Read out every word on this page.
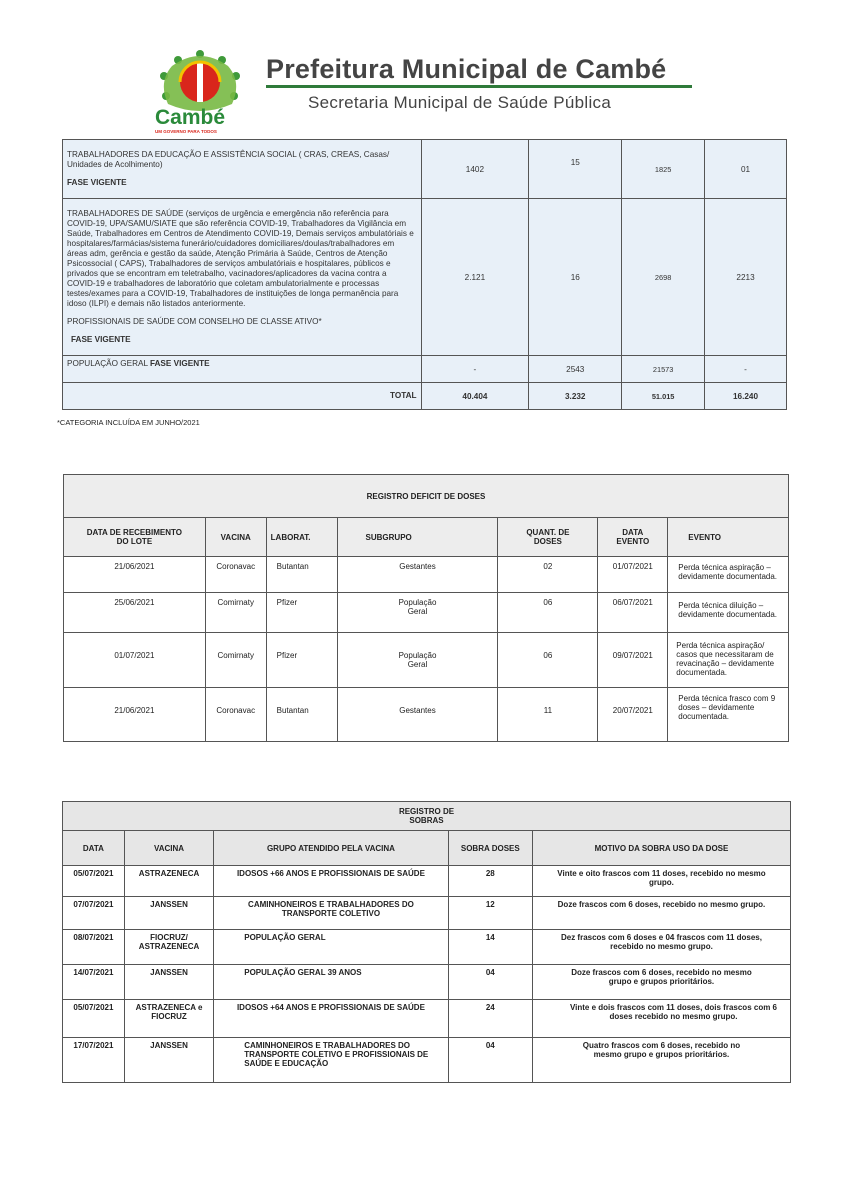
Cambé
UM GOVERNO PARA TODOS
Prefeitura Municipal de Cambé
Secretaria Municipal de Saúde Pública
TRABALHADORES DA EDUCAÇÃO E ASSISTÊNCIA SOCIAL ( CRAS, CREAS, Casas/ Unidades de Acolhimento)
FASE VIGENTE	1402	15	1825	01

TRABALHADORES DE SAÚDE (serviços de urgência e emergência não referência para COVID-19, UPA/SAMU/SIATE que são referência COVID-19, Trabalhadores da Vigilância em Saúde, Trabalhadores em Centros de Atendimento COVID-19, Demais serviços ambulatóriais e hospitalares/farmácias/sistema funerário/cuidadores domiciliares/doulas/trabalhadores em áreas adm, gerência e gestão da saúde, Atenção Primária à Saúde, Centros de Atenção Psicossocial ( CAPS), Trabalhadores de serviços ambulatóriais e hospitalares, públicos e privados que se encontram em teletrabalho, vacinadores/aplicadores da vacina contra a COVID-19 e trabalhadores de laboratório que coletam ambulatorialmente e processas testes/exames para a COVID-19, Trabalhadores de instituições de longa permanência para idoso (ILPI) e demais não listados anteriormente.
PROFISSIONAIS DE SAÚDE COM CONSELHO DE CLASSE ATIVO*
FASE VIGENTE	2.121	16	2698	2213
POPULAÇÃO GERAL FASE VIGENTE	-	2543	21573	-
TOTAL	40.404	3.232	51.015	16.240
*CATEGORIA INCLUÍDA EM JUNHO/2021
REGISTRO DEFICIT DE DOSES						
DATA DE RECEBIMENTO DO LOTE	VACINA	LABORAT.	SUBGRUPO	QUANT. DE DOSES	DATA EVENTO	EVENTO
21/06/2021	Coronavac	Butantan	Gestantes	02	01/07/2021	Perda técnica aspiração – devidamente documentada.
25/06/2021	Comirnaty	Pfizer	População Geral	06	06/07/2021	Perda técnica diluição – devidamente documentada.
01/07/2021	Comirnaty	Pfizer	População Geral	06	09/07/2021	Perda técnica aspiração/ casos que necessitaram de revacinação – devidamente documentada.
21/06/2021	Coronavac	Butantan	Gestantes	11	20/07/2021	Perda técnica frasco com 9 doses – devidamente documentada.
REGISTRO DE SOBRAS				

DATA	VACINA	GRUPO ATENDIDO PELA VACINA	SOBRA DOSES	MOTIVO DA SOBRA USO DA DOSE
05/07/2021	ASTRAZENECA	IDOSOS +66 ANOS E PROFISSIONAIS DE SAÚDE	28	Vinte e oito frascos com 11 doses, recebido no mesmo grupo.
07/07/2021	JANSSEN	CAMINHONEIROS E TRABALHADORES DO TRANSPORTE COLETIVO	12	Doze frascos com 6 doses, recebido no mesmo grupo.
08/07/2021	FIOCRUZ/ ASTRAZENECA	POPULAÇÃO GERAL	14	Dez frascos com 6 doses e 04 frascos com 11 doses, recebido no mesmo grupo.
14/07/2021	JANSSEN	POPULAÇÃO GERAL 39 ANOS	04	Doze frascos com 6 doses, recebido no mesmo grupo e grupos prioritários.
05/07/2021	ASTRAZENECA e FIOCRUZ	IDOSOS +64 ANOS E PROFISSIONAIS DE SAÚDE	24	Vinte e dois frascos com 11 doses, dois frascos com 6 doses recebido no mesmo grupo.
17/07/2021	JANSSEN	CAMINHONEIROS E TRABALHADORES DO TRANSPORTE COLETIVO E PROFISSIONAIS DE SAÚDE E EDUCAÇÃO	04	Quatro frascos com 6 doses, recebido no mesmo grupo e grupos prioritários.
